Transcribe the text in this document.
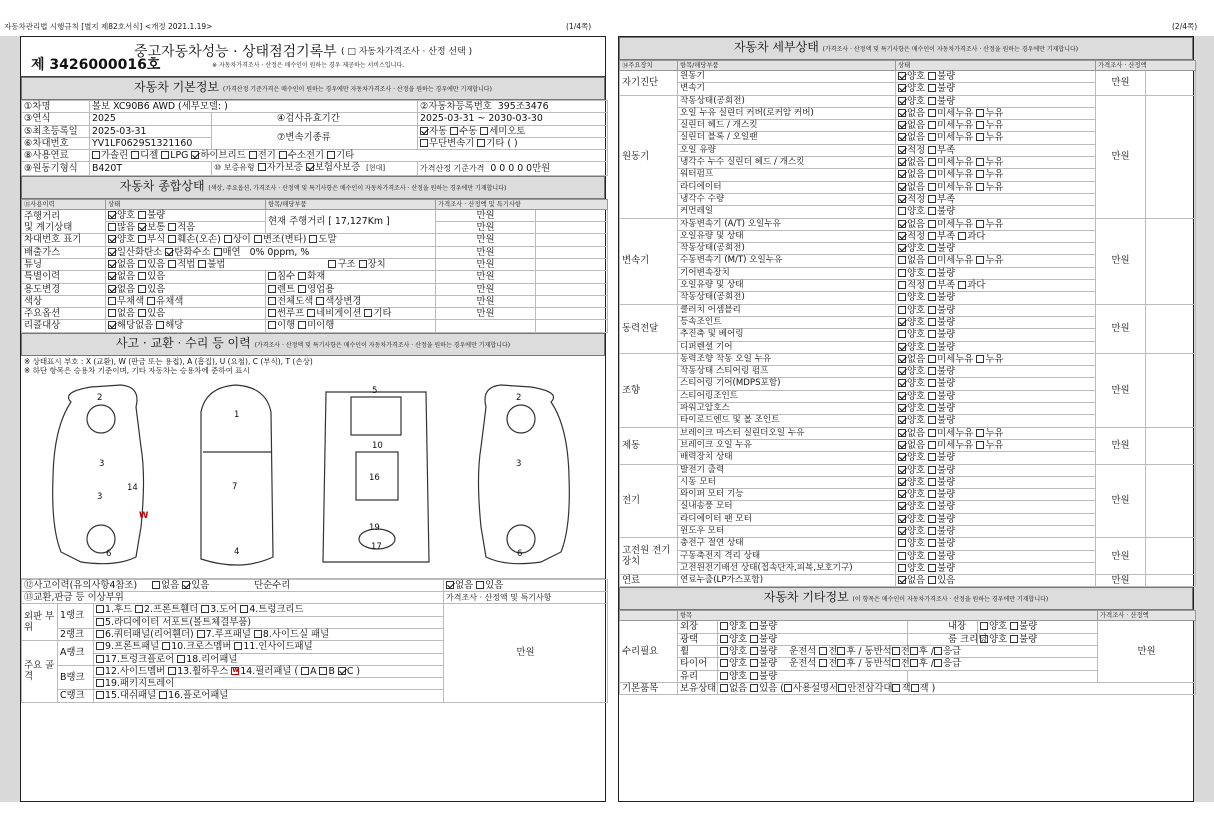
자동차관리법 시행규칙 [별지 제82호서식] <개정 2021.1.19>	(1/4쪽)	(2/4쪽)
제 3426000016호
중고자동차성능 · 상태점검기록부 ( □ 자동차가격조사 · 산정 선택 )
※ 자동차가격조사 · 산정은 매수인이 원하는 경우 제공하는 서비스입니다.
자동차 기본정보 (가격산정 기준가격은 매수인이 원하는 경우에만 자동차가격조사 · 산정을 원하는 경우에만 기재합니다)
①차명	볼보 XC90B6 AWD (세부모델: )		②자동차등록번호 395조3476
③연식	2025	④검사유효기간	2025-03-31 ~ 2030-03-30
⑤최초등록일	2025-03-31	⑦변속기종류	자동 수동 세미오토
⑥차대번호	YV1LF0629S1321160		무단변속기 기타 ( )
⑧사용연료	가솔린 디젤 LPG 하이브리드 전기 수소전기 기타		
⑨원동기형식	B420T	⑩ 보증유형 자가보증 보험사보증 [현대]	가격산정 기준가격 0 0 0 0 0만원
자동차 종합상태 (색상, 주요옵션, 가격조사 · 산정액 및 특기사항은 매수인이 자동차가격조사 · 산정을 원하는 경우에만 기재합니다)
⑪사용이력	상태	항목/해당부품	가격조사 · 산정액 및 특기사항	
주행거리
및 계기상태	양호 불량	현재 주행거리 [ 17,127Km ]	만원	
	많음 보통 적음		만원	
차대번호 표기	양호 부식 훼손(오손) 상이 변조(변타) 도말		만원	
배출가스	일산화탄소 탄화수소 매연 0% 0ppm, %		만원	
튜닝	없음 있음 적법 불법 구조 장치		만원	
특별이력	없음 있음	침수 화재	만원	
용도변경	없음 있음	렌트 영업용	만원	
색상	무채색 유채색	전체도색 색상변경	만원	
주요옵션	없음 있음	썬루프 네비게이션 기타	만원	
리콜대상	해당없음 해당	이행 미이행		
사고 · 교환 · 수리 등 이력 (가격조사 · 산정액 및 특기사항은 매수인이 자동차가격조사 · 산정을 원하는 경우에만 기재합니다)
※ 상태표시 부호 : X (교환), W (판금 또는 용접), A (흠집), U (요철), C (부식), T (손상)
※ 하단 항목은 승용차 기준이며, 기타 자동차는 승용차에 준하여 표시
2
3
3
14
W
6
1
7
4
5
10
16
19
17
2
3
6
⑫사고이력(유의사항4참조) 없음 있음 단순수리			없음 있음
⑬교환,판금 등 이상부위			가격조사 · 산정액 및 특기사항
외판 부위	1랭크	1.후드 2.프론트휀더 3.도어 4.트렁크리드	만원
		5.라디에이터 서포트(볼트체결부품)	
	2랭크	6.쿼터패널(리어휀더) 7.루프패널 8.사이드실 패널	
주요 골격	A랭크	9.프론트패널 10.크로스멤버 11.인사이드패널	
		17.트렁크플로어 18.리어패널	
	B랭크	12.사이드멤버 13.휠하우스 w 14.필러패널 ( A B C )
		19.패키지트레이	
	C랭크	15.대쉬패널 16.플로어패널	
자동차 세부상태 (가격조사 · 산정액 및 특기사항은 매수인이 자동차가격조사 · 산정을 원하는 경우에만 기재합니다)
⑭주요장치	항목/해당부품	상태	가격조사 · 산정액	
자기진단	원동기	양호 불량	만원	
	변속기	양호 불량		
원동기	작동상태(공회전)	양호 불량	만원	
	오일 누유 실린더 커버(로커암 커버)	없음 미세누유 누유		
	실린더 헤드 / 개스킷	없음 미세누유 누유		
	실린더 블록 / 오일팬	없음 미세누유 누유		
	오일 유량	적정 부족		
	냉각수 누수 실린더 헤드 / 개스킷	없음 미세누유 누유		
	워터펌프	없음 미세누유 누유		
	라디에이터	없음 미세누유 누유		
	냉각수 수량	적정 부족		
	커먼레일	양호 불량		
변속기	자동변속기 (A/T) 오일누유	없음 미세누유 누유	만원	
	오일유량 및 상태	적정 부족 과다		
	작동상태(공회전)	양호 불량		
	수동변속기 (M/T) 오일누유	없음 미세누유 누유		
	기어변속장치	양호 불량		
	오일유량 및 상태	적정 부족 과다		
	작동상태(공회전)	양호 불량		
동력전달	클러치 어셈블리	양호 불량	만원	
	등속조인트	양호 불량		
	추진축 및 베어링	양호 불량		
	디퍼렌셜 기어	양호 불량		
조향	동력조향 작동 오일 누유	없음 미세누유 누유	만원	
	작동상태 스티어링 펌프	양호 불량		
	스티어링 기어(MDPS포함)	양호 불량		
	스티어링조인트	양호 불량		
	파워고압호스	양호 불량		
	타이로드엔드 및 볼 조인트	양호 불량		
제동	브레이크 마스터 실린더오일 누유	없음 미세누유 누유	만원	
	브레이크 오일 누유	없음 미세누유 누유		
	배력장치 상태	양호 불량		
전기	발전기 출력	양호 불량	만원	
	시동 모터	양호 불량		
	와이퍼 모터 기능	양호 불량		
	실내송풍 모터	양호 불량		
	라디에이터 팬 모터	양호 불량		
	윈도우 모터	양호 불량		
고전원 전기장치	충전구 절연 상태	양호 불량	만원	
	구동축전지 격리 상태	양호 불량		
	고전원전기배선 상태(접속단자,피복,보호기구)	양호 불량		
연료	연료누출(LP가스포함)	없음 있음	만원	
자동차 기타정보 (이 항목은 매수인이 자동차가격조사 · 산정을 원하는 경우에만 기재합니다)
	항목				가격조사 · 산정액
수리필요	외장	양호 불량	내장	양호 불량	만원
	광택	양호 불량	룸 크리닝	양호 불량	
	휠	양호 불량 운전석 전 후 / 동반석 전 후 / 응급			
	타이어	양호 불량 운전석 전 후 / 동반석 전 후 / 응급			
	유리	양호 불량			
기본품목	보유상태	없음 있음 ( 사용설명서 안전삼각대 잭 잭 )			
